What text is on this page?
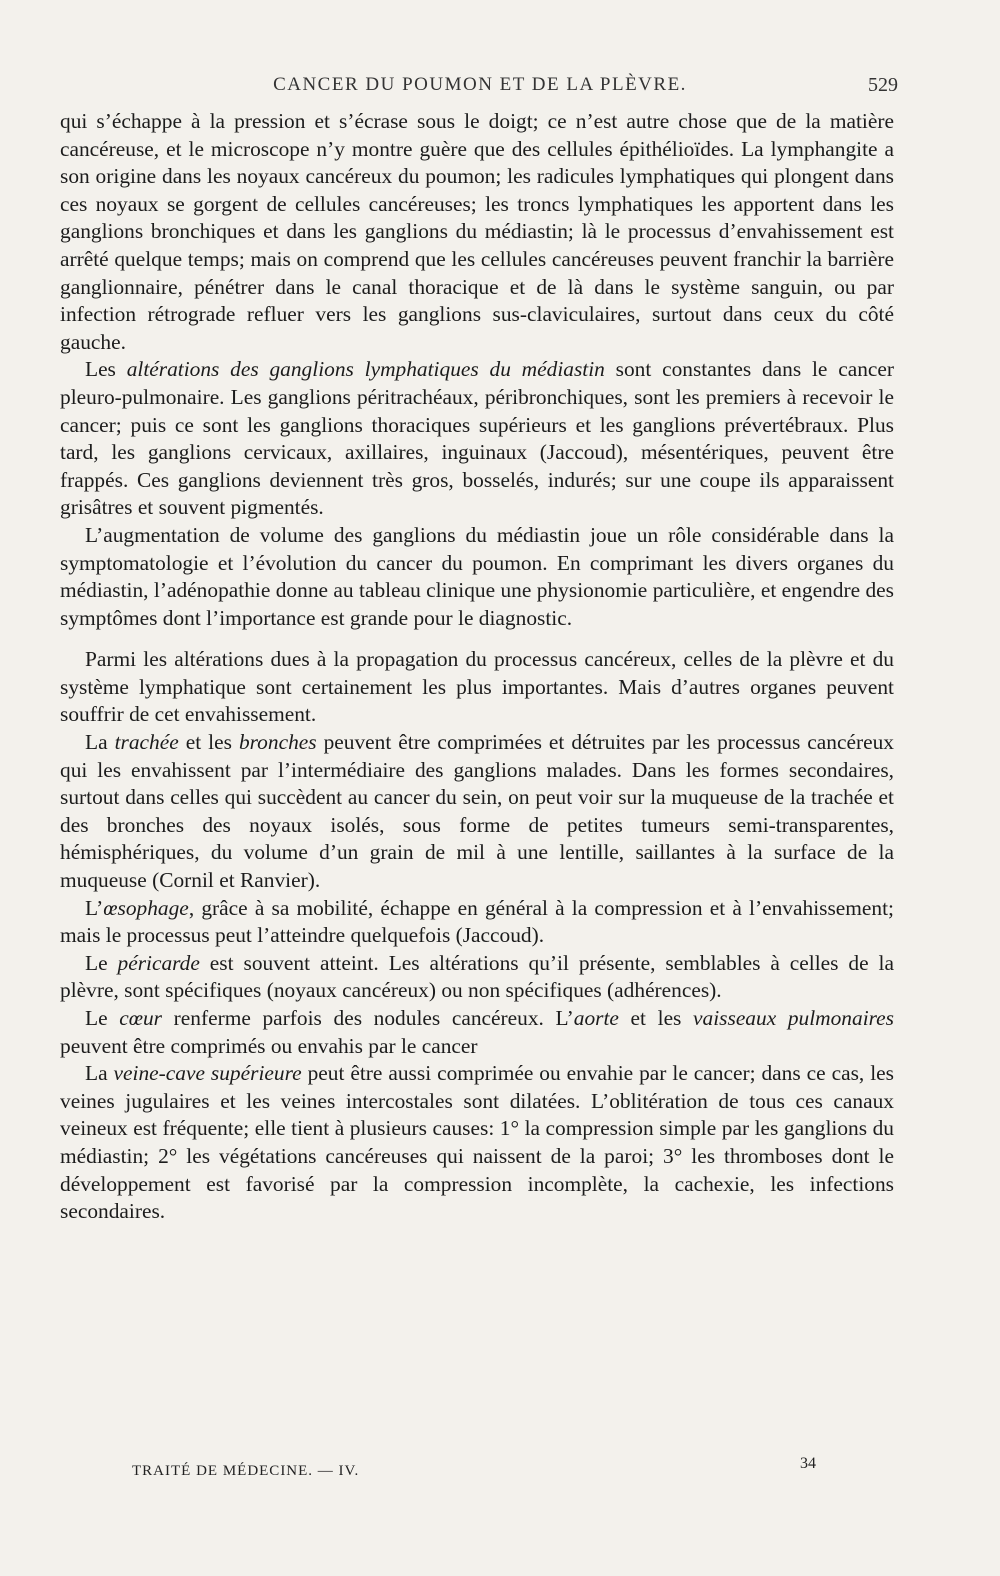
CANCER DU POUMON ET DE LA PLÈVRE.	529

qui s’échappe à la pression et s’écrase sous le doigt; ce n’est autre chose que de la matière cancéreuse, et le microscope n’y montre guère que des cellules épithélioïdes. La lymphangite a son origine dans les noyaux cancéreux du poumon; les radicules lymphatiques qui plongent dans ces noyaux se gorgent de cellules cancéreuses; les troncs lymphatiques les apportent dans les ganglions bronchiques et dans les ganglions du médiastin; là le processus d’envahissement est arrêté quelque temps; mais on comprend que les cellules cancéreuses peuvent franchir la barrière ganglionnaire, pénétrer dans le canal thoracique et de là dans le système sanguin, ou par infection rétrograde refluer vers les ganglions sus-claviculaires, surtout dans ceux du côté gauche.

Les altérations des ganglions lymphatiques du médiastin sont constantes dans le cancer pleuro-pulmonaire. Les ganglions péritrachéaux, péribronchiques, sont les premiers à recevoir le cancer; puis ce sont les ganglions thoraciques supérieurs et les ganglions prévertébraux. Plus tard, les ganglions cervicaux, axillaires, inguinaux (Jaccoud), mésentériques, peuvent être frappés. Ces ganglions deviennent très gros, bosselés, indurés; sur une coupe ils apparaissent grisâtres et souvent pigmentés.

L’augmentation de volume des ganglions du médiastin joue un rôle considérable dans la symptomatologie et l’évolution du cancer du poumon. En comprimant les divers organes du médiastin, l’adénopathie donne au tableau clinique une physionomie particulière, et engendre des symptômes dont l’importance est grande pour le diagnostic.

Parmi les altérations dues à la propagation du processus cancéreux, celles de la plèvre et du système lymphatique sont certainement les plus importantes. Mais d’autres organes peuvent souffrir de cet envahissement.

La trachée et les bronches peuvent être comprimées et détruites par les processus cancéreux qui les envahissent par l’intermédiaire des ganglions malades. Dans les formes secondaires, surtout dans celles qui succèdent au cancer du sein, on peut voir sur la muqueuse de la trachée et des bronches des noyaux isolés, sous forme de petites tumeurs semi-transparentes, hémisphériques, du volume d’un grain de mil à une lentille, saillantes à la surface de la muqueuse (Cornil et Ranvier).

L’œsophage, grâce à sa mobilité, échappe en général à la compression et à l’envahissement; mais le processus peut l’atteindre quelquefois (Jaccoud).

Le péricarde est souvent atteint. Les altérations qu’il présente, semblables à celles de la plèvre, sont spécifiques (noyaux cancéreux) ou non spécifiques (adhérences).

Le cœur renferme parfois des nodules cancéreux. L’aorte et les vaisseaux pulmonaires peuvent être comprimés ou envahis par le cancer

La veine-cave supérieure peut être aussi comprimée ou envahie par le cancer; dans ce cas, les veines jugulaires et les veines intercostales sont dilatées. L’oblitération de tous ces canaux veineux est fréquente; elle tient à plusieurs causes: 1° la compression simple par les ganglions du médiastin; 2° les végétations cancéreuses qui naissent de la paroi; 3° les thromboses dont le développement est favorisé par la compression incomplète, la cachexie, les infections secondaires.

TRAITÉ DE MÉDECINE. — IV.	34
